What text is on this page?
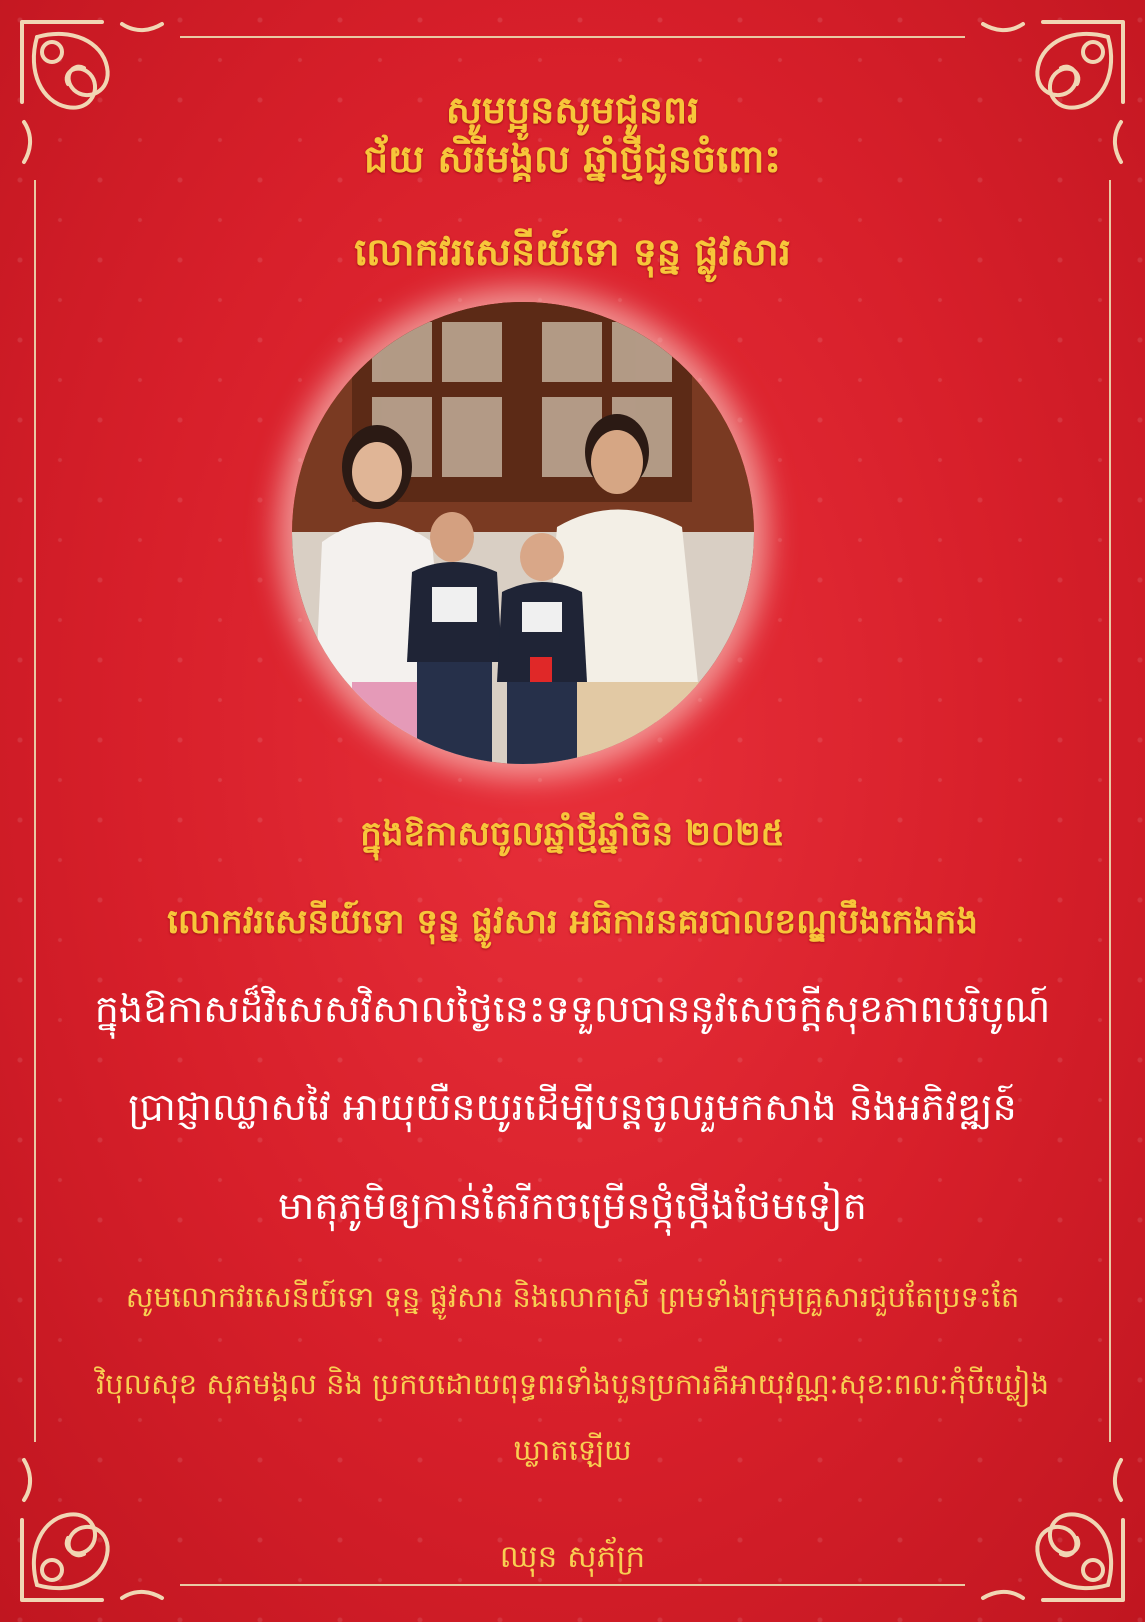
សូមប្អូនសូម​ជូនពរ
ជ័យ សិរីមង្គល ឆ្នាំថ្មីជូនចំពោះ
លោកវរសេនីយ៍ទោ ទុន្ន ផ្លូវសារ
ក្នុងឱកាសចូលឆ្នាំថ្មីឆ្នាំចិន ២០២៥
លោកវរសេនីយ៍ទោ ទុន្ន ផ្លូវសារ អធិការនគរបាលខណ្ឌបឹងកេងកង
ក្នុងឱកាសដ៏វិសេសវិសាលថ្ងៃនេះទទួលបាននូវសេចក្តីសុខភាពបរិបូណ៍
ប្រាជ្ញាឈ្លាសវៃ អាយុយឺនយូរដើម្បីបន្តចូលរួមកសាង និងអភិវឌ្ឍន៍
មាតុភូមិឲ្យកាន់តែរីកចម្រើនថ្កុំថ្កើងថែមទៀត
សូមលោកវរសេនីយ៍ទោ ទុន្ន ផ្លូវសារ និងលោកស្រី ព្រមទាំងក្រុមគ្រួសារជួបតែប្រទះតែ
វិបុលសុខ សុភមង្គល និង ប្រកបដោយពុទ្ធពរទាំងបួនប្រការគឺអាយុវណ្ណៈសុខៈពលៈកុំបីឃ្លៀង
ឃ្លាតឡើយ
ឈុន សុភ័ក្រ
